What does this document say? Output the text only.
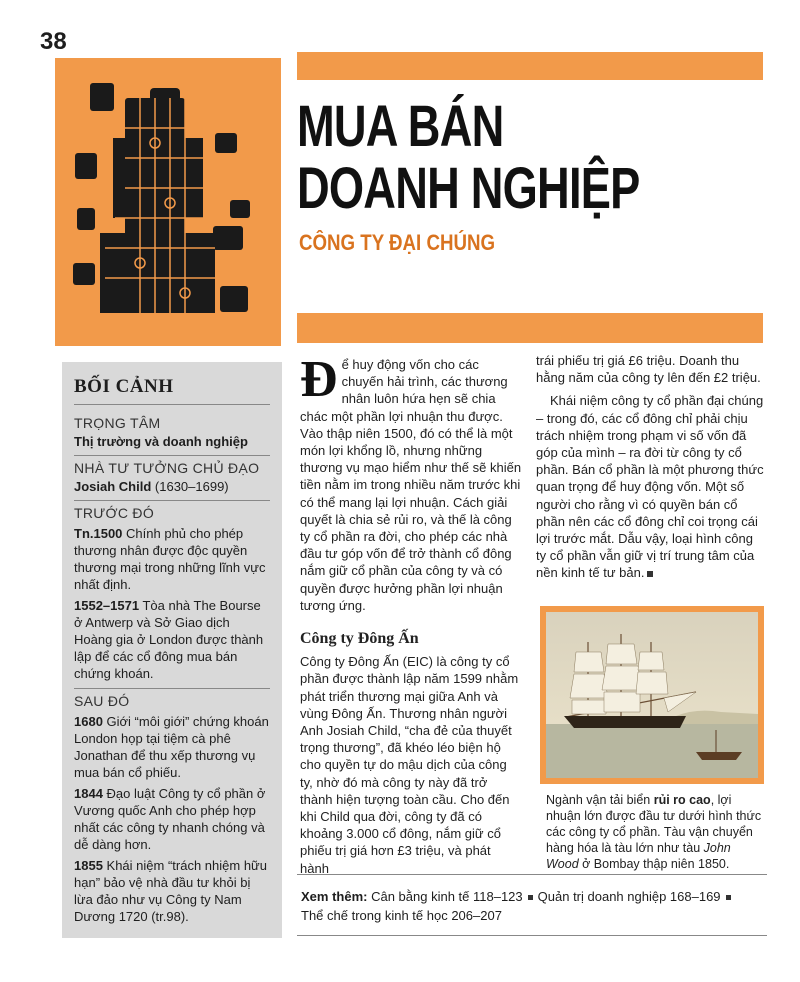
38
MUA BÁN
DOANH NGHIỆP
CÔNG TY ĐẠI CHÚNG
BỐI CẢNH
TRỌNG TÂM
Thị trường và doanh nghiệp
NHÀ TƯ TƯỞNG CHỦ ĐẠO
Josiah Child (1630–1699)
TRƯỚC ĐÓ
Tn.1500 Chính phủ cho phép thương nhân được độc quyền thương mại trong những lĩnh vực nhất định.
1552–1571 Tòa nhà The Bourse ở Antwerp và Sở Giao dịch Hoàng gia ở London được thành lập để các cổ đông mua bán chứng khoán.
SAU ĐÓ
1680 Giới “môi giới” chứng khoán London họp tại tiệm cà phê Jonathan để thu xếp thương vụ mua bán cổ phiếu.
1844 Đạo luật Công ty cổ phần ở Vương quốc Anh cho phép hợp nhất các công ty nhanh chóng và dễ dàng hơn.
1855 Khái niệm “trách nhiệm hữu hạn” bảo vệ nhà đầu tư khỏi bị lừa đảo như vụ Công ty Nam Dương 1720 (tr.98).

Để huy động vốn cho các chuyến hải trình, các thương nhân luôn hứa hẹn sẽ chia chác một phần lợi nhuận thu được. Vào thập niên 1500, đó có thể là một món lợi khổng lồ, nhưng những thương vụ mạo hiểm như thế sẽ khiến tiền nằm im trong nhiều năm trước khi có thể mang lại lợi nhuận. Cách giải quyết là chia sẻ rủi ro, và thế là công ty cổ phần ra đời, cho phép các nhà đầu tư góp vốn để trở thành cổ đông nắm giữ cổ phần của công ty và có quyền được hưởng phần lợi nhuận tương ứng.

Công ty Đông Ấn

Công ty Đông Ấn (EIC) là công ty cổ phần được thành lập năm 1599 nhằm phát triển thương mại giữa Anh và vùng Đông Ấn. Thương nhân người Anh Josiah Child, “cha đẻ của thuyết trọng thương”, đã khéo léo biện hộ cho quyền tự do mậu dịch của công ty, nhờ đó mà công ty này đã trở thành hiện tượng toàn cầu. Cho đến khi Child qua đời, công ty đã có khoảng 3.000 cổ đông, nắm giữ cổ phiếu trị giá hơn £3 triệu, và phát hành

trái phiếu trị giá £6 triệu. Doanh thu hằng năm của công ty lên đến £2 triệu.

Khái niệm công ty cổ phần đại chúng – trong đó, các cổ đông chỉ phải chịu trách nhiệm trong phạm vi số vốn đã góp của mình – ra đời từ công ty cổ phần. Bán cổ phần là một phương thức quan trọng để huy động vốn. Một số người cho rằng vì có quyền bán cổ phần nên các cổ đông chỉ coi trọng cái lợi trước mắt. Dẫu vậy, loại hình công ty cổ phần vẫn giữ vị trí trung tâm của nền kinh tế tư bản.

Ngành vận tải biển rủi ro cao, lợi nhuận lớn được đầu tư dưới hình thức các công ty cổ phần. Tàu vận chuyển hàng hóa là tàu lớn như tàu John Wood ở Bombay thập niên 1850.
Xem thêm: Cân bằng kinh tế 118–123 Quản trị doanh nghiệp 168–169
Thể chế trong kinh tế học 206–207
